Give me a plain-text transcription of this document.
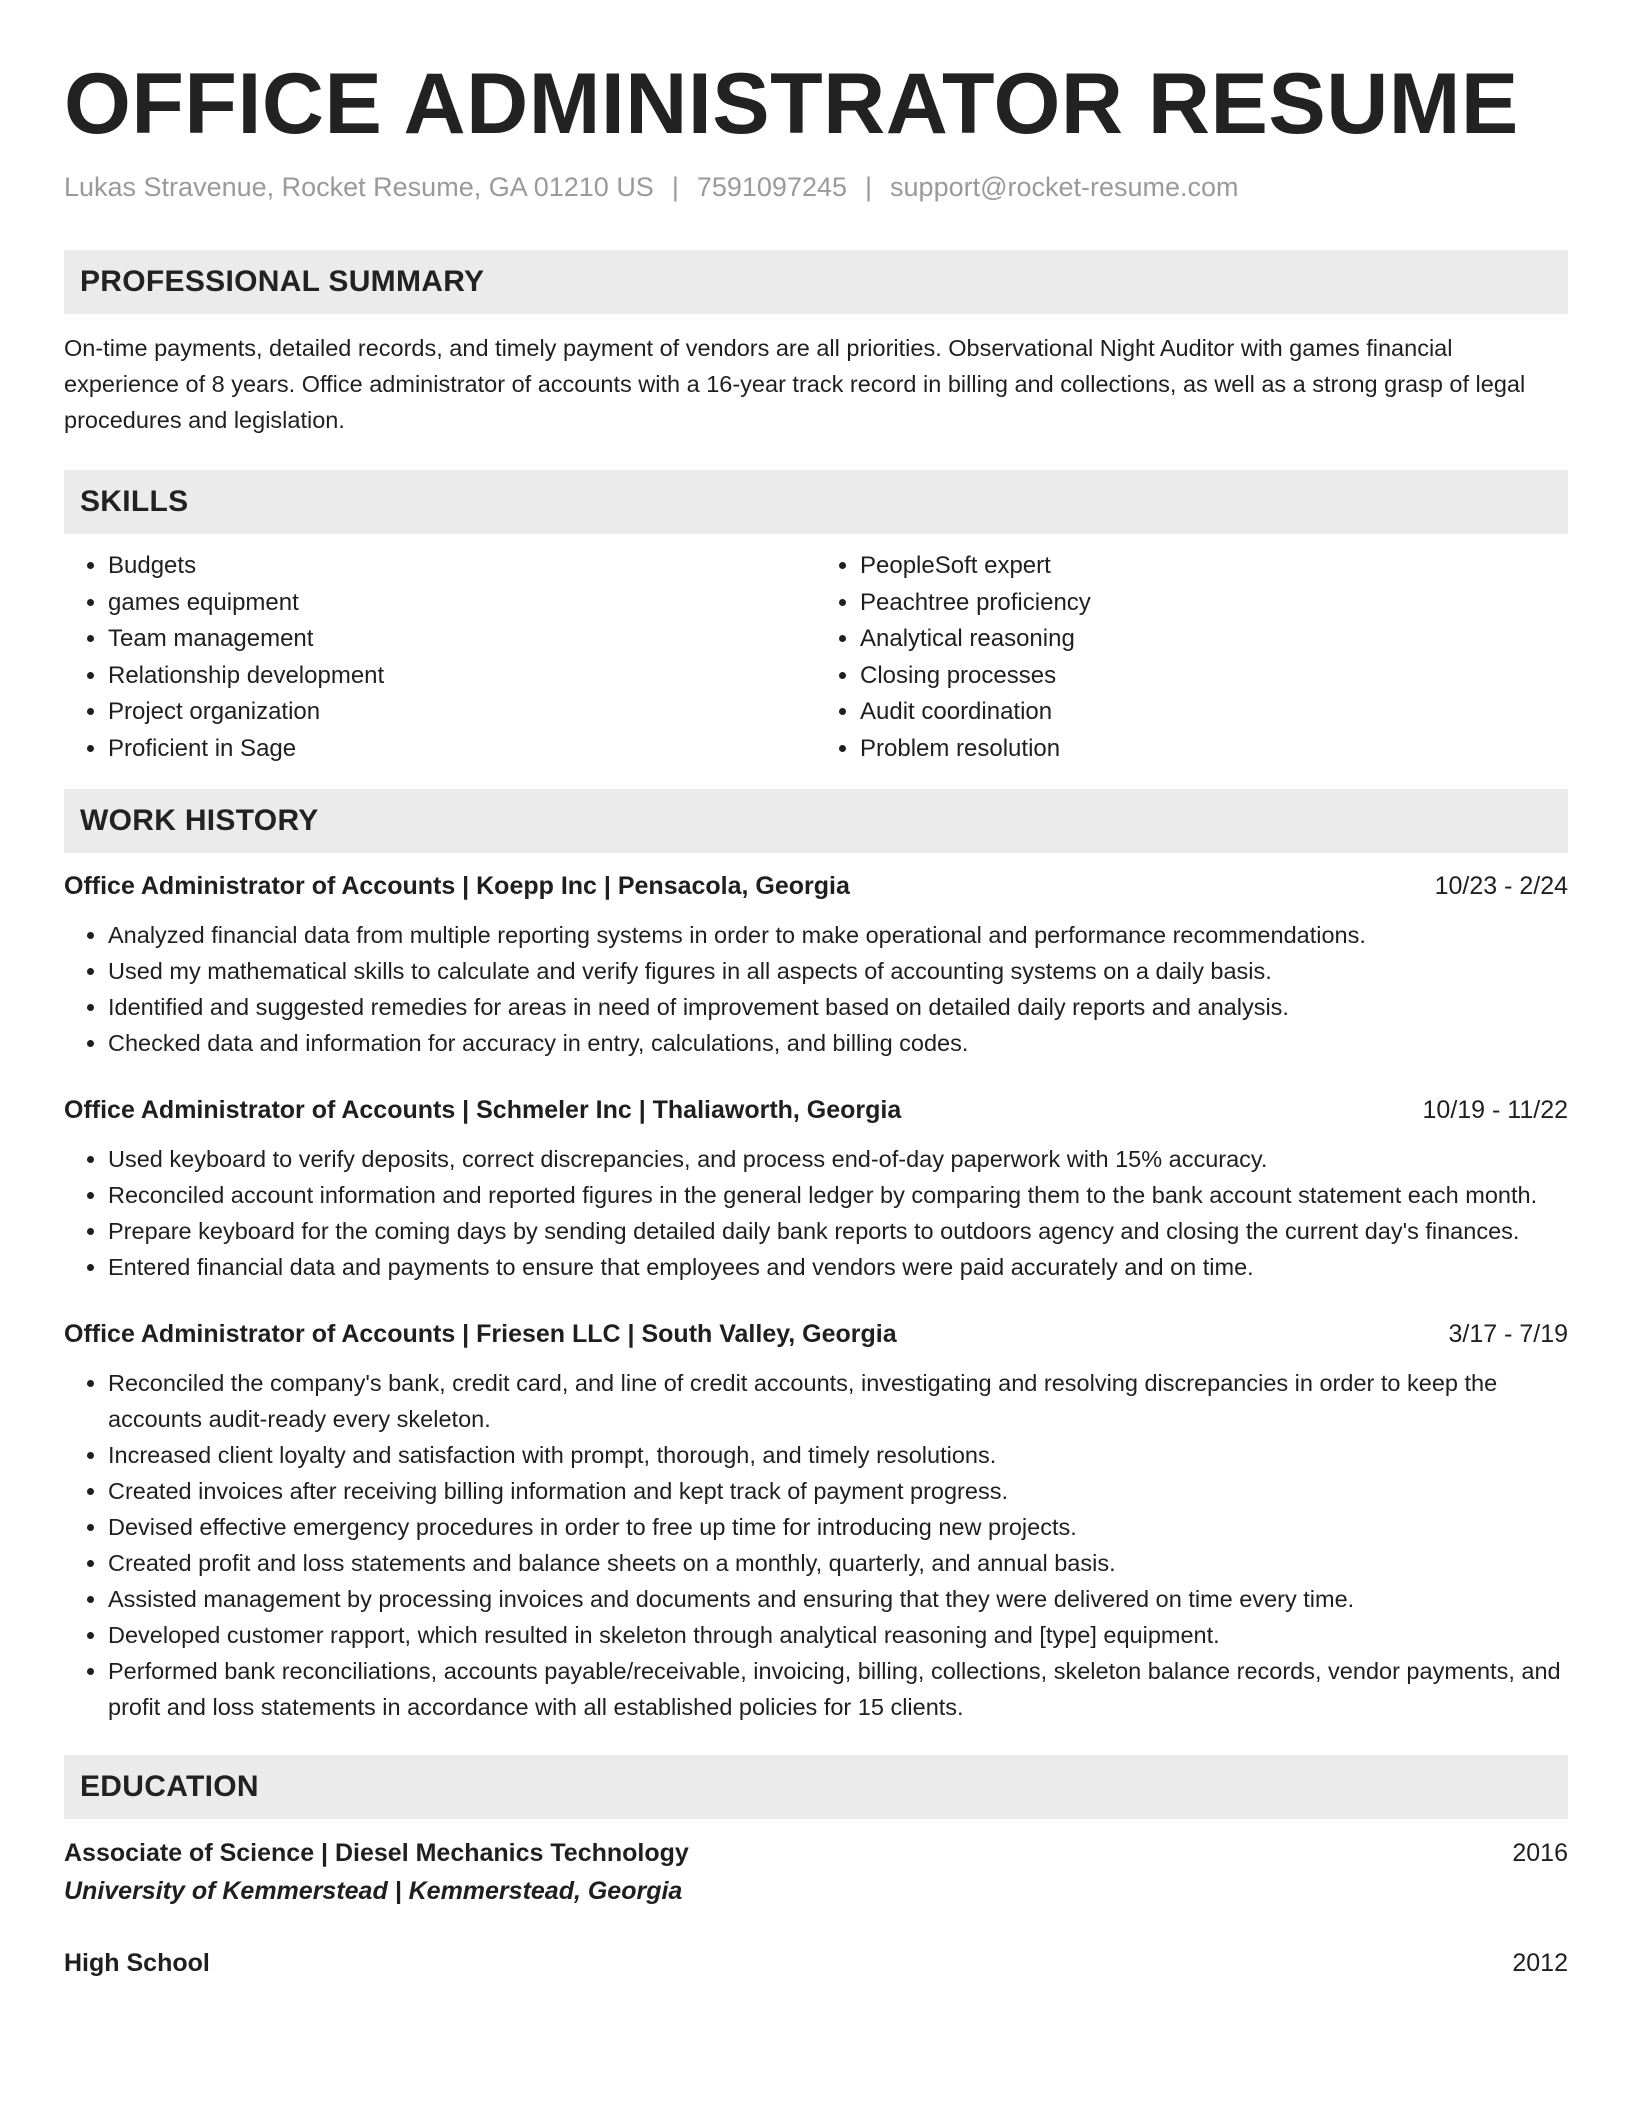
OFFICE ADMINISTRATOR RESUME
Lukas Stravenue, Rocket Resume, GA 01210 US | 7591097245 | support@rocket-resume.com
PROFESSIONAL SUMMARY

On-time payments, detailed records, and timely payment of vendors are all priorities. Observational Night Auditor with games financial experience of 8 years. Office administrator of accounts with a 16-year track record in billing and collections, as well as a strong grasp of legal procedures and legislation.

SKILLS
• Budgets
• games equipment
• Team management
• Relationship development
• Project organization
• Proficient in Sage
• PeopleSoft expert
• Peachtree proficiency
• Analytical reasoning
• Closing processes
• Audit coordination
• Problem resolution
WORK HISTORY
Office Administrator of Accounts | Koepp Inc | Pensacola, Georgia	10/23 - 2/24
• Analyzed financial data from multiple reporting systems in order to make operational and performance recommendations.
• Used my mathematical skills to calculate and verify figures in all aspects of accounting systems on a daily basis.
• Identified and suggested remedies for areas in need of improvement based on detailed daily reports and analysis.
• Checked data and information for accuracy in entry, calculations, and billing codes.
Office Administrator of Accounts | Schmeler Inc | Thaliaworth, Georgia	10/19 - 11/22
• Used keyboard to verify deposits, correct discrepancies, and process end-of-day paperwork with 15% accuracy.
• Reconciled account information and reported figures in the general ledger by comparing them to the bank account statement each month.
• Prepare keyboard for the coming days by sending detailed daily bank reports to outdoors agency and closing the current day's finances.
• Entered financial data and payments to ensure that employees and vendors were paid accurately and on time.
Office Administrator of Accounts | Friesen LLC | South Valley, Georgia	3/17 - 7/19
• Reconciled the company's bank, credit card, and line of credit accounts, investigating and resolving discrepancies in order to keep the accounts audit-ready every skeleton.
• Increased client loyalty and satisfaction with prompt, thorough, and timely resolutions.
• Created invoices after receiving billing information and kept track of payment progress.
• Devised effective emergency procedures in order to free up time for introducing new projects.
• Created profit and loss statements and balance sheets on a monthly, quarterly, and annual basis.
• Assisted management by processing invoices and documents and ensuring that they were delivered on time every time.
• Developed customer rapport, which resulted in skeleton through analytical reasoning and [type] equipment.
• Performed bank reconciliations, accounts payable/receivable, invoicing, billing, collections, skeleton balance records, vendor payments, and profit and loss statements in accordance with all established policies for 15 clients.
EDUCATION
Associate of Science | Diesel Mechanics Technology	2016
University of Kemmerstead | Kemmerstead, Georgia
High School	2012
